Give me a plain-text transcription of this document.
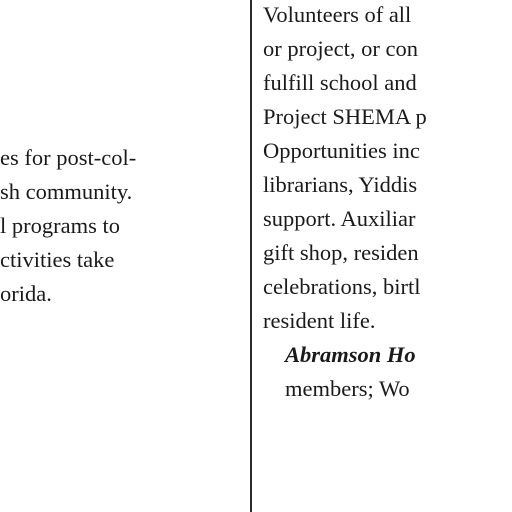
es for post-col-
sh community.
l programs to
ctivities take
orida.
Volunteers of all
or project, or con
fulfill school and
Project SHEMA p
Opportunities inc
librarians, Yiddis
support. Auxiliar
gift shop, residen
celebrations, birtl
resident life.
Abramson Ho
members; Wo
